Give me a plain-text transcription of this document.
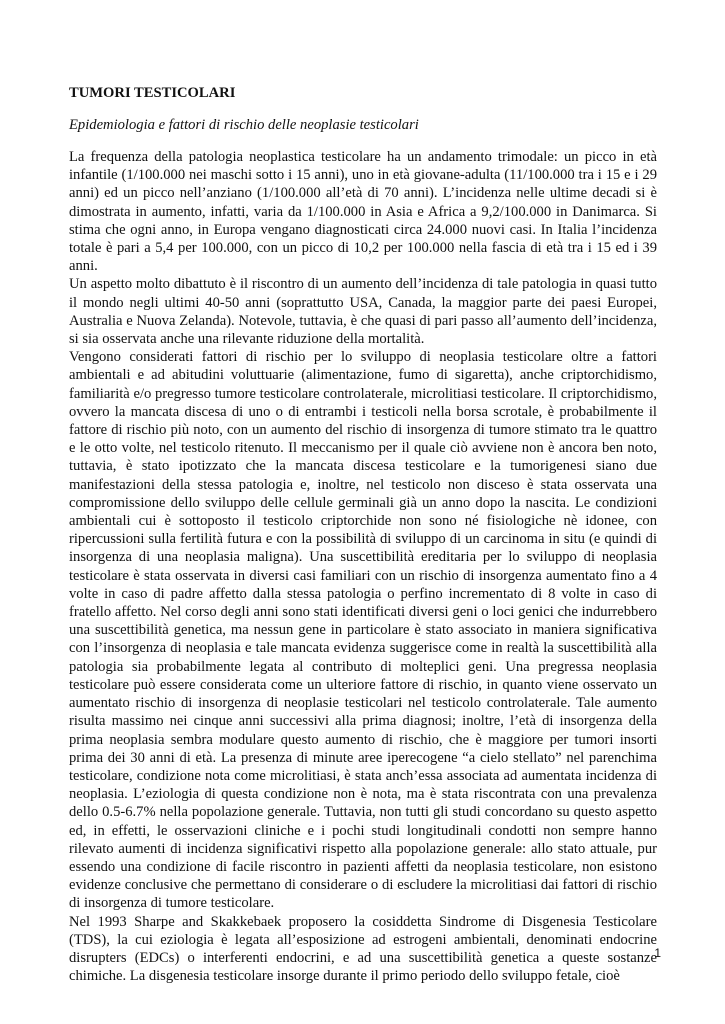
TUMORI TESTICOLARI

Epidemiologia e fattori di rischio delle neoplasie testicolari

La frequenza della patologia neoplastica testicolare ha un andamento trimodale: un picco in età infantile (1/100.000 nei maschi sotto i 15 anni), uno in età giovane-adulta (11/100.000 tra i 15 e i 29 anni) ed un picco nell’anziano (1/100.000 all’età di 70 anni). L’incidenza nelle ultime decadi si è dimostrata in aumento, infatti, varia da 1/100.000 in Asia e Africa a 9,2/100.000 in Danimarca. Si stima che ogni anno, in Europa vengano diagnosticati circa 24.000 nuovi casi. In Italia l’incidenza totale è pari a 5,4 per 100.000, con un picco di 10,2 per 100.000 nella fascia di età tra i 15 ed i 39 anni.

Un aspetto molto dibattuto è il riscontro di un aumento dell’incidenza di tale patologia in quasi tutto il mondo negli ultimi 40-50 anni (soprattutto USA, Canada, la maggior parte dei paesi Europei, Australia e Nuova Zelanda). Notevole, tuttavia, è che quasi di pari passo all’aumento dell’incidenza, si sia osservata anche una rilevante riduzione della mortalità.

Vengono considerati fattori di rischio per lo sviluppo di neoplasia testicolare oltre a fattori ambientali e ad abitudini voluttuarie (alimentazione, fumo di sigaretta), anche criptorchidismo, familiarità e/o pregresso tumore testicolare controlaterale, microlitiasi testicolare. Il criptorchidismo, ovvero la mancata discesa di uno o di entrambi i testicoli nella borsa scrotale, è probabilmente il fattore di rischio più noto, con un aumento del rischio di insorgenza di tumore stimato tra le quattro e le otto volte, nel testicolo ritenuto. Il meccanismo per il quale ciò avviene non è ancora ben noto, tuttavia, è stato ipotizzato che la mancata discesa testicolare e la tumorigenesi siano due manifestazioni della stessa patologia e, inoltre, nel testicolo non disceso è stata osservata una compromissione dello sviluppo delle cellule germinali già un anno dopo la nascita. Le condizioni ambientali cui è sottoposto il testicolo criptorchide non sono né fisiologiche nè idonee, con ripercussioni sulla fertilità futura e con la possibilità di sviluppo di un carcinoma in situ (e quindi di insorgenza di una neoplasia maligna). Una suscettibilità ereditaria per lo sviluppo di neoplasia testicolare è stata osservata in diversi casi familiari con un rischio di insorgenza aumentato fino a 4 volte in caso di padre affetto dalla stessa patologia o perfino incrementato di 8 volte in caso di fratello affetto. Nel corso degli anni sono stati identificati diversi geni o loci genici che indurrebbero una suscettibilità genetica, ma nessun gene in particolare è stato associato in maniera significativa con l’insorgenza di neoplasia e tale mancata evidenza suggerisce come in realtà la suscettibilità alla patologia sia probabilmente legata al contributo di molteplici geni. Una pregressa neoplasia testicolare può essere considerata come un ulteriore fattore di rischio, in quanto viene osservato un aumentato rischio di insorgenza di neoplasie testicolari nel testicolo controlaterale. Tale aumento risulta massimo nei cinque anni successivi alla prima diagnosi; inoltre, l’età di insorgenza della prima neoplasia sembra modulare questo aumento di rischio, che è maggiore per tumori insorti prima dei 30 anni di età. La presenza di minute aree iperecogene “a cielo stellato” nel parenchima testicolare, condizione nota come microlitiasi, è stata anch’essa associata ad aumentata incidenza di neoplasia. L’eziologia di questa condizione non è nota, ma è stata riscontrata con una prevalenza dello 0.5-6.7% nella popolazione generale. Tuttavia, non tutti gli studi concordano su questo aspetto ed, in effetti, le osservazioni cliniche e i pochi studi longitudinali condotti non sempre hanno rilevato aumenti di incidenza significativi rispetto alla popolazione generale: allo stato attuale, pur essendo una condizione di facile riscontro in pazienti affetti da neoplasia testicolare, non esistono evidenze conclusive che permettano di considerare o di escludere la microlitiasi dai fattori di rischio di insorgenza di tumore testicolare.

Nel 1993 Sharpe and Skakkebaek proposero la cosiddetta Sindrome di Disgenesia Testicolare (TDS), la cui eziologia è legata all’esposizione ad estrogeni ambientali, denominati endocrine disrupters (EDCs) o interferenti endocrini, e ad una suscettibilità genetica a queste sostanze chimiche. La disgenesia testicolare insorge durante il primo periodo dello sviluppo fetale, cioè

1
